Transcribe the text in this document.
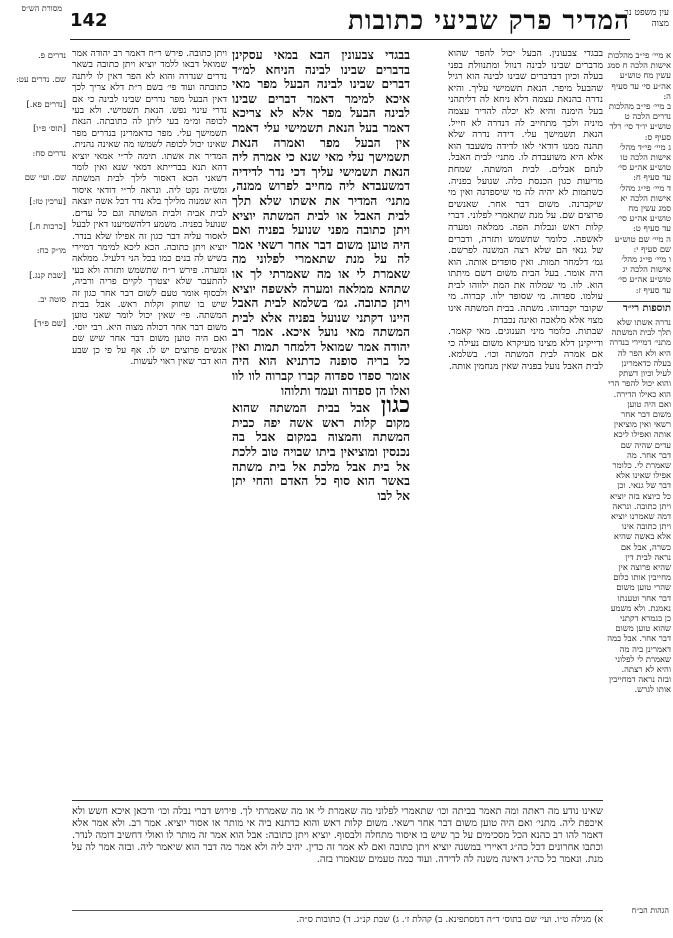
142	המדיר פרק שביעי כתובות
עין משפט נר מצוה
מסורת הש״ס

בבגדי צבעונין. הבעל יכול להפר שהוא מדברים שבינו לבינה דנוול ומתנוולת בפני בעלה וכיון דבדברים שבינו לבינה הוא רגיל שהבעל מיפר. הנאת תשמישי עליך. והיא נדרה בהנאת עצמה דלא ניחא לה דליתהני בעל הימנה והיא לא יכלה להדיר עצמה מיניה ולכך מתחייב לה דנדרה לא חייל. הנאת תשמישך עלי. דידה נדרה שלא תהנה ממנו דודאי לאו לדידה משעבד הוא אלא היא משועבדת לו. מתני׳ לבית האבל. לנחם אבלים. לבית המשתה. שמחת מריעות כגון הכנסת כלה. שנועל בפניה. כשתמות לא יהיה לה מי שיספדנה ואין מי שיקברנה. משום דבר אחר. שאנשים פרוצים שם. על מנת שתאמרי לפלוני. דברי קלות ראש ונבלות הפה. ממלאה ומערה לאשפה. כלומר שתשמש ותזרה, ודברים של גנאי הם שלא רצה המשנה לפרשם. גמ׳ דלמחר תמות. ואין סופדים אותה. הוא היה אומר. בעל הבית משום דשם מיתתו הוא. לוו. מי שמלוה את המת ילווהו לבית עולמו. ספדוה. מי שסופד ילוו. קברוה. מי שקובר יקברוהו. משתה. בבית המשתה אינו מצוי אלא מלאכה ואינה נכבדת

שבתות. כלומר מיני תענוגים. מאי קאמר. ודייקינן דלא מצינו מעיקרא משום נעילה כי אם אמרה לבית המשתה וכו׳. בשלמא. לבית האבל נועל בפניה שאין מנחמין אותה.

בבגדי צבעונין הבא במאי עסקינן בדברים שבינו לבינה הניחא למ״ד דברים שבינו לבינה הבעל מפר מאי איכא למימר דאמר דברים שבינו לבינה הבעל מפר אלא לא צריכא דאמר בעל הנאת תשמישי עלי דאמר אין הבעל מפר ואמרה הנאת תשמישך עלי מאי שנא כי אמרה ליה הנאת תשמישי עליך דכי נדר לדידיה דמשעבדא ליה מחייב לפרוש ממנה, מתני׳ המדיר את אשתו שלא תלך לבית האבל או לבית המשתה יוציא ויתן כתובה מפני שנועל בפניה ואם היה טוען משום דבר אחר רשאי אמר לה על מנת שתאמרי לפלוני מה שאמרת לי או מה שאמרתי לך או שתהא ממלאה ומערה לאשפה יוציא ויתן כתובה. גמ׳ בשלמא לבית האבל היינו דקתני שנועל בפניה אלא לבית המשתה מאי נועל איכא. אמר רב יהודה אמר שמואל דלמחר תמות ואין כל בריה סופנה כדתניא הוא היה אומר ספדו ספדוה קברו קברוה לוו לוו ואלו הן ספדוה ועמד ותלוהו

כגון אבל בבית המשתה שהוא מקום קלות ראש אשה יפה כבית המשתה והמצוה במקום אבל בה נכנסין ומוציאין ביתו שבויה טוב ללכת אל בית אבל מלכת אל בית משתה באשר הוא סוף כל האדם והחי יתן אל לבו

ויתן כתובה. פירש ר״ח דאמר רב יהודה אמר שמואל דבאו ללמד יוציא ויתן כתובה בשאר נדרים שנדרה והוא לא הפר דאין לו ליתנה כתובתה ועוד פי׳ בשם ר״ת דלא צריך לכך דאין הבעל מפר נדרים שבינו לבינה כי אם נדרי עינוי נפש. הנאת תשמישי. ולא בעי לכופה ומ״מ בעי ליתן לה כתובתה. הנאת תשמישך עלי. מפר כדאמרינן בנדרים מפר שאינו יכול לכופה לשמשו מה שאינה נהנית. המדיר את אשתו. תימה לר״י אמאי יוציא דהא תנא בברייתא דמאי שנא ואין לומר דשאני הכא דאסור לילך לבית המשתה ומש״ה נקט ליה. ונראה לר״י דודאי איסור הוא שמנוה מלילך בלא נדר דכל אשה יוצאה לבית אביה ולבית המשתה וגם כל עדים. שנועל בפניה. משמע דלהשמיענו דאין לבעל לאסור עליה דבר כגון זה אפילו שלא בנדר. יוציא ויתן כתובה. הכא ליכא למימר דמיירי בשיש לה בנים כמו בכל הני דלעיל. ממלאה ומערה. פירש ר״ח שתשמש ותזרה ולא בעי להתעבר שלא יצטרך לקיים פריה ורביה, ולבסוף אומר טעם לשום דבר אחר כגון זה שיש בו שחוק וקלות ראש. אבל בבית המשתה. פי׳ שאין יכול לומר שאני טוען משום דבר אחר דכולה מצוה היא. רבי יוסי. ואם היה טוען משום דבר אחר שיש שם אנשים פרוצים יש לו. אף על פי כן שבע הוא דבר שאין ראוי לעשות.

שאינו נודע מה ראתה ומה תאמר בביתה וכו׳ שתאמרי לפלוני מה שאמרת לי או מה שאמרתי לך. פירוש דברי נבלה וכו׳ ודכאן איכא חשש ולא איכפת ליה. מתני׳ ואם היה טוען משום דבר אחר רשאי. משום קלות ראש והוא כדתנא ביה אי מותר או אסור יוציא. אמר רב. ולא אמר אלא דאמר להו רב כהנא הכל מסכימים על כך שיש בו איסור מתחלה ולבסוף. יוציא ויתן כתובה: אבל הוא אמר זה מותר לו ואולי דחשיב דומה לנדר. וכתבו אחרונים דכל כה״ג דאיירי במשנה יוציא ויתן כתובה ואם לא אמר זה כדין. יהיב ליה ולא אמר מה דבר הוא שיאמר ליה. ובזה אמר לה על מנת. ונאמר כל כה״ג דאינה משנה לה לדידה. ועוד כמה טעמים שנאמרו בזה.

א מיי׳ פי״ב מהלכות אישות הלכה ח סמג עשין מח טוש״ע אה״ע סי׳ עד סעיף ה:
ב מיי׳ פי״ב מהלכות נדרים הלכה ט טוש״ע יו״ד סי׳ רלד סעיף ס:
ג מיי׳ פי״ד מהל׳ אישות הלכה טו טוש״ע אה״ע סי׳ עד סעיף ח:
ד מיי׳ פי״ג מהל׳ אישות הלכה יא סמג עשין מח טוש״ע אה״ע סי׳ עד סעיף ט:
ה מיי׳ שם טוש״ע שם סעיף י:
ו מיי׳ פי״ג מהל׳ אישות הלכה יג טוש״ע אה״ע סי׳ עד סעיף ז:
תוספות רי״ד
נדרה אשתו שלא תלך לבית המשתה מתני׳ דמיירי בנדרה היא ולא הפר לה בעלה כדאמרינן לעיל וכיון דשתק והוא יכול להפר הרי הוא כאילו הדירה. ואם היה טוען משום דבר אחר רשאי ואין מוציאין אותה ואפילו ליכא עדים שהיה שם דבר אחר. מה שאמרת לי. כלומר אפילו שאינו אלא דבר של גנאי. וכן כל כיוצא בזה יוציא ויתן כתובה. ונראה דמה שאמרנו יוציא ויתן כתובה אינו אלא באשה שהיא כשרה, אבל אם נראה לבית דין שהיא פרוצה אין מחייבין אותו כלום שהרי טוען משום דבר אחר וטענתו נאמנת. ולא משמע כן בגמרא דקתני שהוא טוען משום דבר אחר. אבל במה דאמרינן ביה מה שאמרת לי לפלוני והיא לא רצתה. ובזה נראה דמחייבין אותו לגרש.
נדרים פ.
שם. נדרים עט:
[נדרים פא.]
[תוס׳ פ״ו]
נדרים סח:
שם. ועי׳ שם
[ערכין טז:]
[כרכות ח.]
מו״ק כח:
[שבת קנג.]
סוטה יב.
[שם פ״ד]
א) מגילה ט״ו. ועי׳ שם בתוס׳ ד״ה דמסתפינא. ב) קהלת ז׳. ג) שבת קנ״ג. ד) כתובות ס״ה.
הגהות הב״ח
